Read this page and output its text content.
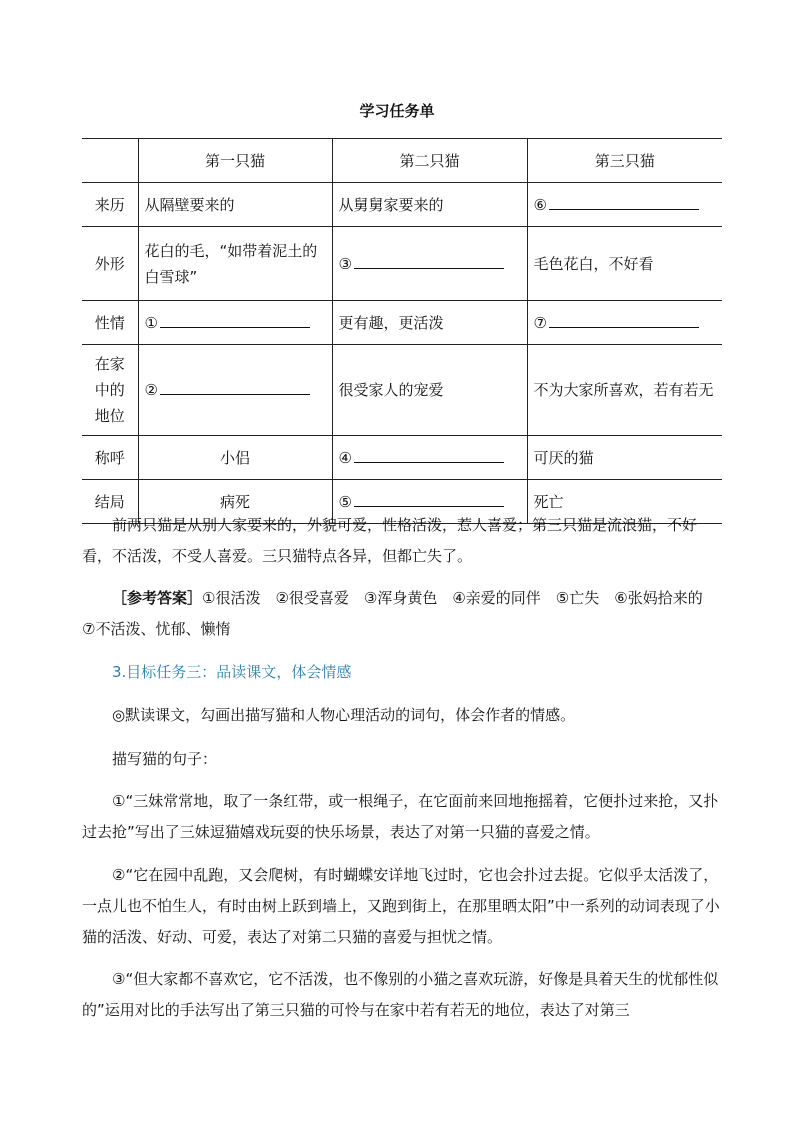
学习任务单
	第一只猫	第二只猫	第三只猫
来历	从隔壁要来的	从舅舅家要来的	⑥
外形	花白的毛，“如带着泥土的白雪球”	③	毛色花白，不好看
性情	①	更有趣，更活泼	⑦
在家中的地位	②	很受家人的宠爱	不为大家所喜欢，若有若无
称呼	小侣	④	可厌的猫
结局	病死	⑤	死亡

前两只猫是从别人家要来的，外貌可爱，性格活泼，惹人喜爱；第三只猫是流浪猫，不好看，不活泼，不受人喜爱。三只猫特点各异，但都亡失了。

［参考答案］①很活泼　②很受喜爱　③浑身黄色　④亲爱的同伴　⑤亡失　⑥张妈拾来的　⑦不活泼、忧郁、懒惰

3.目标任务三：品读课文，体会情感

◎默读课文，勾画出描写猫和人物心理活动的词句，体会作者的情感。

描写猫的句子：

①“三妹常常地，取了一条红带，或一根绳子，在它面前来回地拖摇着，它便扑过来抢，又扑过去抢”写出了三妹逗猫嬉戏玩耍的快乐场景，表达了对第一只猫的喜爱之情。

②“它在园中乱跑，又会爬树，有时蝴蝶安详地飞过时，它也会扑过去捉。它似乎太活泼了，一点儿也不怕生人，有时由树上跃到墙上，又跑到街上，在那里晒太阳”中一系列的动词表现了小猫的活泼、好动、可爱，表达了对第二只猫的喜爱与担忧之情。

③“但大家都不喜欢它，它不活泼，也不像别的小猫之喜欢玩游，好像是具着天生的忧郁性似的”运用对比的手法写出了第三只猫的可怜与在家中若有若无的地位，表达了对第三
